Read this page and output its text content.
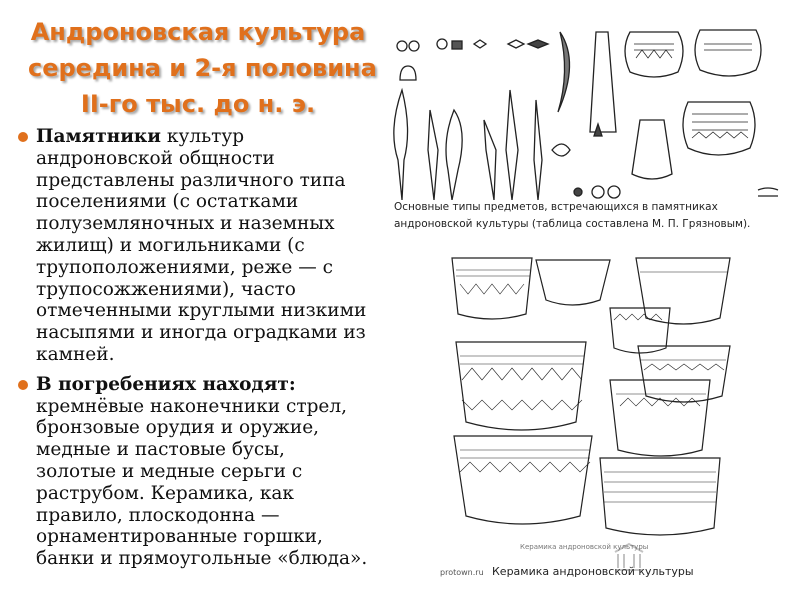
Андроновская культура
середина и 2-я половина
II-го тыс. до н. э.
Памятники культур андроновской общности представлены различного типа поселениями (с остатками полуземляночных и наземных жилищ) и могильниками (с трупоположениями, реже — с трупосожжениями), часто отмеченными круглыми низкими насыпями и иногда оградками из камней.
В погребениях находят: кремнёвые наконечники стрел, бронзовые орудия и оружие, медные и пастовые бусы, золотые и медные серьги с раструбом. Керамика, как правило, плоскодонна — орнаментированные горшки, банки и прямоугольные «блюда».
Основные типы предметов, встречающихся в памятниках
андроновской культуры (таблица составлена М. П. Грязновым).
Керамика андроновской культуры
protown.ru Керамика андроновской культуры
